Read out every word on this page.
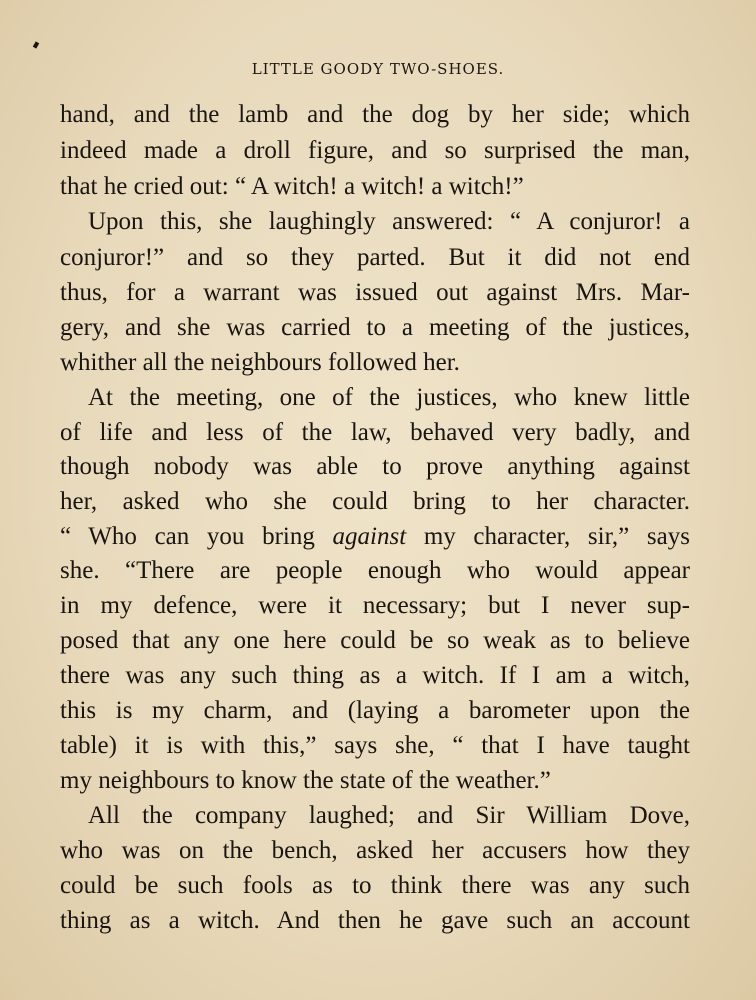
LITTLE GOODY TWO-SHOES.
hand, and the lamb and the dog by her side; which
indeed made a droll figure, and so surprised the man,
that he cried out: “ A witch! a witch! a witch!”
Upon this, she laughingly answered: “ A conjuror! a
conjuror!” and so they parted. But it did not end
thus, for a warrant was issued out against Mrs. Mar-
gery, and she was carried to a meeting of the justices,
whither all the neighbours followed her.
At the meeting, one of the justices, who knew little
of life and less of the law, behaved very badly, and
though nobody was able to prove anything against
her, asked who she could bring to her character.
“ Who can you bring against my character, sir,” says
she. “There are people enough who would appear
in my defence, were it necessary; but I never sup-
posed that any one here could be so weak as to believe
there was any such thing as a witch. If I am a witch,
this is my charm, and (laying a barometer upon the
table) it is with this,” says she, “ that I have taught
my neighbours to know the state of the weather.”
All the company laughed; and Sir William Dove,
who was on the bench, asked her accusers how they
could be such fools as to think there was any such
thing as a witch. And then he gave such an account
